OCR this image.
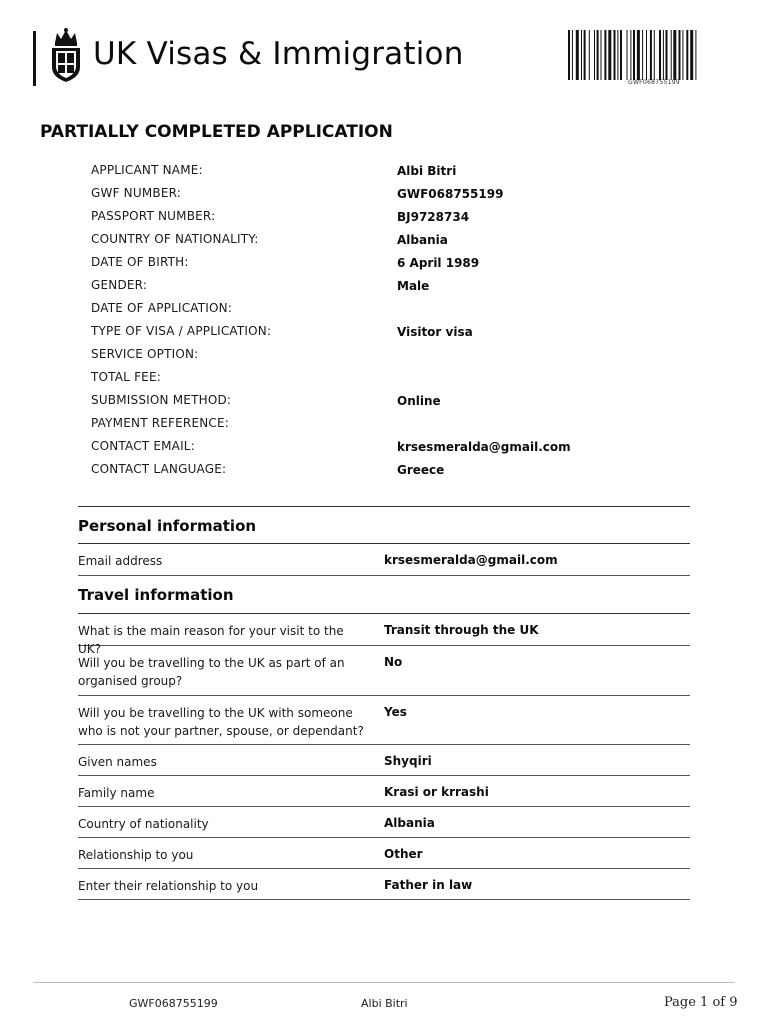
UK Visas & Immigration
GWF068755199
PARTIALLY COMPLETED APPLICATION
APPLICANT NAME:	Albi Bitri
GWF NUMBER:	GWF068755199
PASSPORT NUMBER:	BJ9728734
COUNTRY OF NATIONALITY:	Albania
DATE OF BIRTH:	6 April 1989
GENDER:	Male
DATE OF APPLICATION:
TYPE OF VISA / APPLICATION:	Visitor visa
SERVICE OPTION:
TOTAL FEE:
SUBMISSION METHOD:	Online
PAYMENT REFERENCE:
CONTACT EMAIL:	krsesmeralda@gmail.com
CONTACT LANGUAGE:	Greece
Personal information
Email address	krsesmeralda@gmail.com
Travel information
What is the main reason for your visit to the UK?
Transit through the UK
Will you be travelling to the UK as part of an organised group?
No
Will you be travelling to the UK with someone who is not your partner, spouse, or dependant?
Yes
Given names	Shyqiri
Family name	Krasi or krrashi
Country of nationality	Albania
Relationship to you	Other
Enter their relationship to you	Father in law
GWF068755199	Albi Bitri	Page 1 of 9
